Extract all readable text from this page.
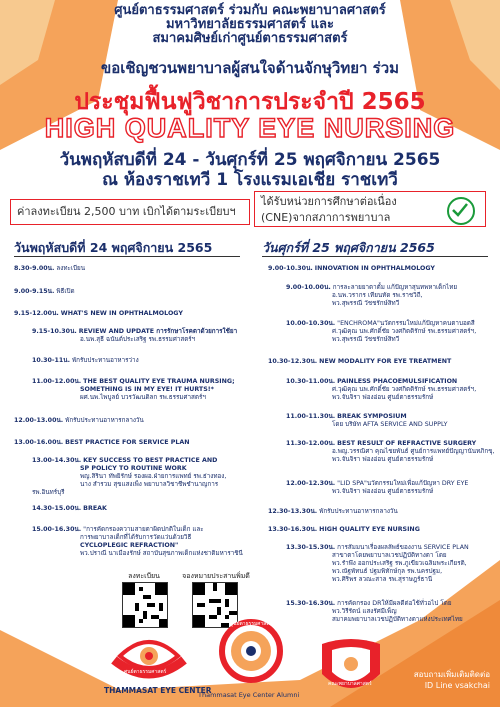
ศูนย์ตาธรรมศาสตร์ ร่วมกับ คณะพยาบาลศาสตร์
มหาวิทยาลัยธรรมศาสตร์ และ
สมาคมศิษย์เก่าศูนย์ตาธรรมศาสตร์
ขอเชิญชวนพยาบาลผู้สนใจด้านจักษุวิทยา ร่วม
ประชุมฟื้นฟูวิชาการประจำปี 2565
HIGH QUALITY EYE NURSING
วันพฤหัสบดีที่ 24 - วันศุกร์ที่ 25 พฤศจิกายน 2565
ณ ห้องราชเทวี 1 โรงแรมเอเชีย ราชเทวี
ค่าลงทะเบียน 2,500 บาท เบิกได้ตามระเบียบฯ
ได้รับหน่วยการศึกษาต่อเนื่อง
(CNE)จากสภาการพยาบาล
วันพฤหัสบดีที่ 24 พฤศจิกายน 2565	วันศุกร์ที่ 25 พฤศจิกายน 2565
8.30-9.00น. ลงทะเบียน
9.00-9.15น. พิธีเปิด
9.15-12.00น. WHAT'S NEW IN OPHTHALMOLOGY
9.15-10.30น. REVIEW AND UPDATE การรักษาโรคตาด้วยการใช้ยา
อ.นพ.สุธี ฉนันต์ประเสริฐ รพ.ธรรมศาสตร์ฯ
10.30-11น. พักรับประทานอาหารว่าง
11.00-12.00น. THE BEST QUALITY EYE TRAUMA NURSING;
SOMETHING IS IN MY EYE! IT HURTS!*
ผศ.นพ.ไพบูลย์ บวรวัฒนดิลก รพ.ธรรมศาสตร์ฯ
12.00-13.00น. พักรับประทานอาหารกลางวัน
13.00-16.00น. BEST PRACTICE FOR SERVICE PLAN
13.00-14.30น. KEY SUCCESS TO BEST PRACTICE AND
SP POLICY TO ROUTINE WORK
พญ.สิรินา ทัพยิรักษ์ รองผอ.ฝ่ายการแพทย์ รพ.ธ่างทอง,
นาง สำรวม สุขแสงเพ็ง พยาบาลวิชาชีพชำนาญการ รพ.อินทร์บุรี
14.30-15.00น. BREAK
15.00-16.30น. "การคัดกรองความสายตาผิดปกติในเด็ก และ
การพยาบาลเด็กที่ได้รับการวัดแว่นด้วยวิธี
CYCLOPLEGIC REFRACTION"
พว.ปราณี นาเมืองรักษ์ สถาบันสุขภาพเด็กแห่งชาติมหาราชินี
9.00-10.30น. INNOVATION IN OPHTHALMOLOGY
9.00-10.00น. การละลายยาตาตั้ม แก้ปัญหาสุนทพหาเด็กไทย
อ.นพ.วรากร เทียนทัด รพ.ราชวิถี,
พว.สุพรรณี วัชชรักษ์สิทวี
10.00-10.30น. "ENCHROMA"นวัตกรรมใหม่แก้ปัญหาคนตาบอดสี
ศ.วุฒิคุณ นพ.ศักดิ์ชัย วงศกิตติรักษ์ รพ.ธรรมศาสตร์ฯ,
พว.สุพรรณี วัชชรักษ์สิทวี
10.30-12.30น. NEW MODALITY FOR EYE TREATMENT
10.30-11.00น. PAINLESS PHACOEMULSIFICATION
ศ.วุฒิคุณ นพ.ศักดิ์ชัย วงศกิตติรักษ์ รพ.ธรรมศาสตร์ฯ,
พว.จันจิรา ฟองอ่อน ศูนย์ตาธรรมรักษ์
11.00-11.30น. BREAK SYMPOSIUM
โดย บริษัท AFTA SERVICE AND SUPPLY
11.30-12.00น. BEST RESULT OF REFRACTIVE SURGERY
อ.พญ.วรรณิศา คุณไชยพันธ์ ศูนย์การแพทย์ปัญญานันทภิกขุ,
พว.จันจิรา ฟองอ่อน ศูนย์ตาธรรมรักษ์
12.00-12.30น. "LID SPA"นวัตกรรมใหม่เพื่อแก้ปัญหา DRY EYE
พว.จันจิรา ฟองอ่อน ศูนย์ตาธรรมรักษ์
12.30-13.30น. พักรับประทานอาหารกลางวัน
13.30-16.30น. HIGH QUALITY EYE NURSING
13.30-15.30น. การสัมมนาเรื่องผลลัพธ์ของงาน SERVICE PLAN
สาขาตาโดยพยาบาลเวชปฏิบัติทางตา โดย
พว.รำพึง ออกประเสริฐ รพ.ภูเขียวเฉลิมพระเกียรติ,
พว.ณัฐพัทนธ์ ปฐมพิทักษ์กุล รพ.นครปฐม,
พว.ศิริพร ลวณะสาล รพ.สุราษฎร์ธานี
15.30-16.30น. การคัดกรอง DRให้มีผลดีต่อใช้ทั่วอไป โดย
พว.วิรีรัตน์ แสงรัศมีเพ็ญ
สมาคมพยาบาลเวชปฏิบัติทางตาแห่งประเทศไทย
ลงทะเบียน	จองหมายประสานพิ่มดี
ศูนย์ตาธรรมศาสตร์
THAMMASAT EYE CENTER
ศูนย์ตาธรรมศาสตร์
Thammasat Eye Center Alumni
คณะพยาบาลศาสตร์
สอบถามเพิ่มเติมติดต่อ
ID Line vsakchai
